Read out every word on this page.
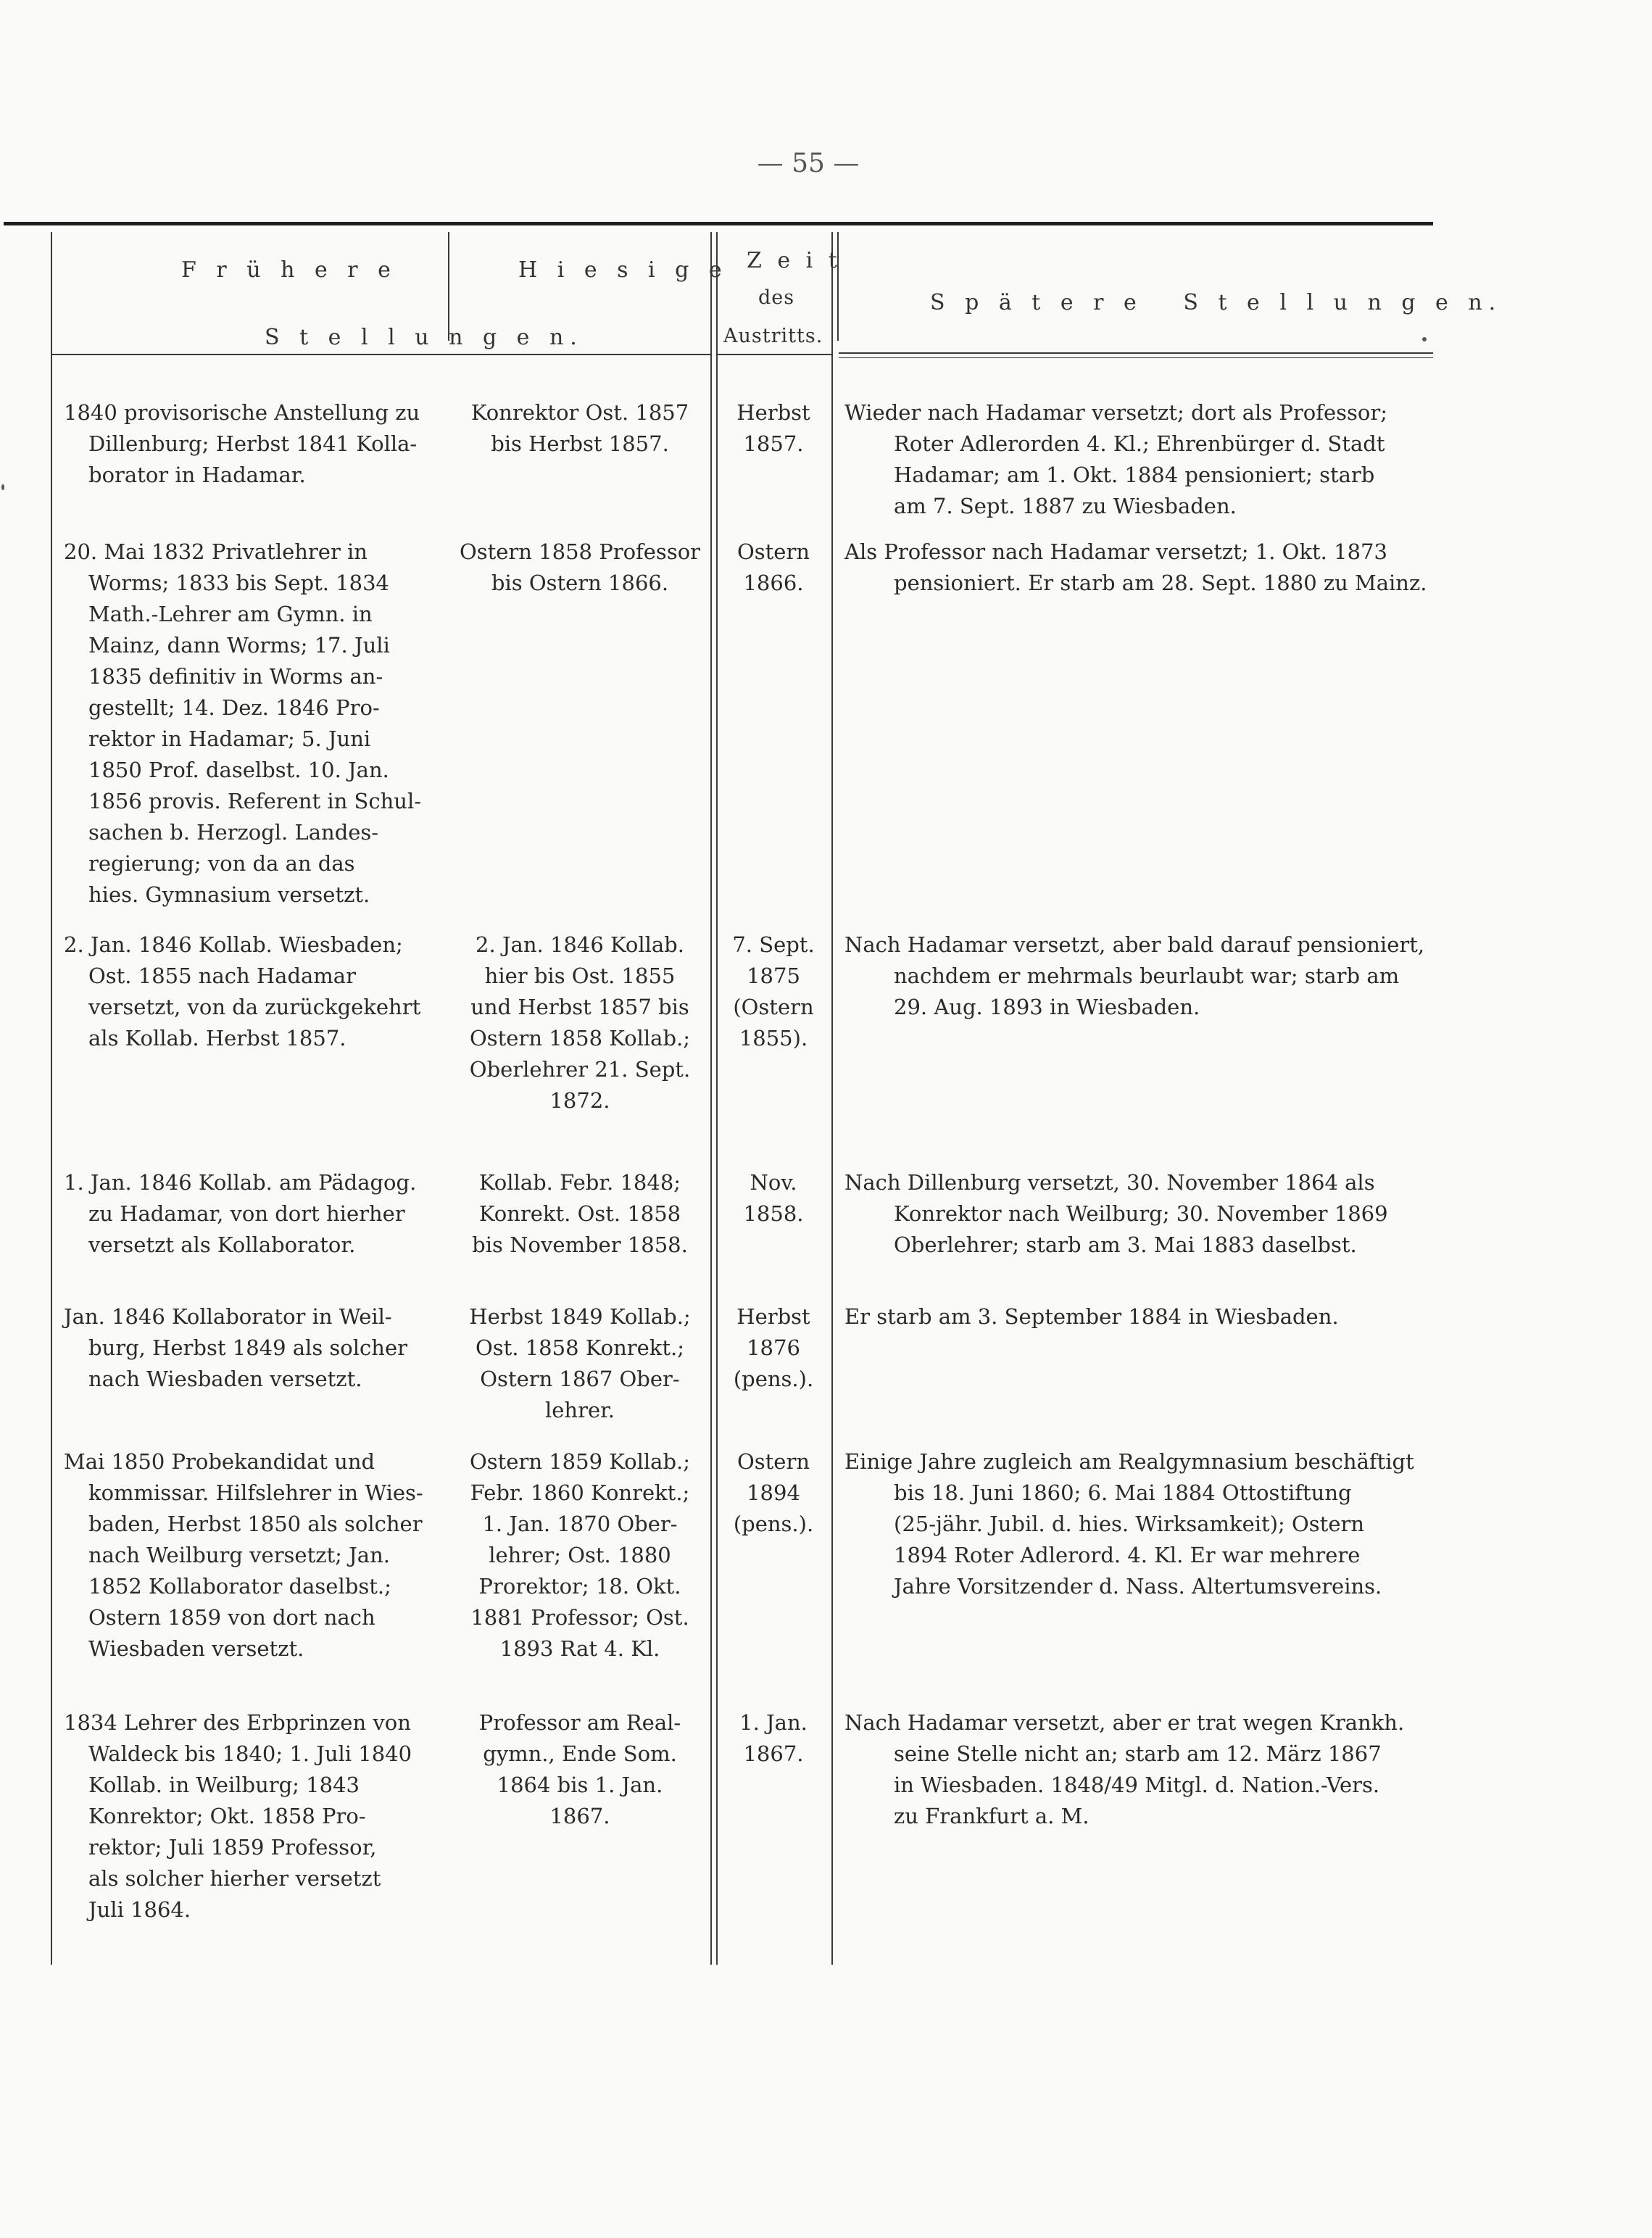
— 55 —
F r ü h e r e	H i e s i g e
S t e l l u n g e n.
Z e i t
des
Austritts.
S p ä t e r e   S t e l l u n g e n.
1840 provisorische Anstellung zu
Dillenburg; Herbst 1841 Kolla-
borator in Hadamar.
Konrektor Ost. 1857
bis Herbst 1857.
Herbst
1857.
Wieder nach Hadamar versetzt; dort als Professor;
Roter Adlerorden 4. Kl.; Ehrenbürger d. Stadt
Hadamar; am 1. Okt. 1884 pensioniert; starb
am 7. Sept. 1887 zu Wiesbaden.
20. Mai 1832 Privatlehrer in
Worms; 1833 bis Sept. 1834
Math.-Lehrer am Gymn. in
Mainz, dann Worms; 17. Juli
1835 definitiv in Worms an-
gestellt; 14. Dez. 1846 Pro-
rektor in Hadamar; 5. Juni
1850 Prof. daselbst. 10. Jan.
1856 provis. Referent in Schul-
sachen b. Herzogl. Landes-
regierung; von da an das
hies. Gymnasium versetzt.
Ostern 1858 Professor
bis Ostern 1866.
Ostern
1866.
Als Professor nach Hadamar versetzt; 1. Okt. 1873
pensioniert. Er starb am 28. Sept. 1880 zu Mainz.
2. Jan. 1846 Kollab. Wiesbaden;
Ost. 1855 nach Hadamar
versetzt, von da zurückgekehrt
als Kollab. Herbst 1857.
2. Jan. 1846 Kollab.
hier bis Ost. 1855
und Herbst 1857 bis
Ostern 1858 Kollab.;
Oberlehrer 21. Sept.
1872.
7. Sept.
1875
(Ostern
1855).
Nach Hadamar versetzt, aber bald darauf pensioniert,
nachdem er mehrmals beurlaubt war; starb am
29. Aug. 1893 in Wiesbaden.
1. Jan. 1846 Kollab. am Pädagog.
zu Hadamar, von dort hierher
versetzt als Kollaborator.
Kollab. Febr. 1848;
Konrekt. Ost. 1858
bis November 1858.
Nov.
1858.
Nach Dillenburg versetzt, 30. November 1864 als
Konrektor nach Weilburg; 30. November 1869
Oberlehrer; starb am 3. Mai 1883 daselbst.
Jan. 1846 Kollaborator in Weil-
burg, Herbst 1849 als solcher
nach Wiesbaden versetzt.
Herbst 1849 Kollab.;
Ost. 1858 Konrekt.;
Ostern 1867 Ober-
lehrer.
Herbst
1876
(pens.).
Er starb am 3. September 1884 in Wiesbaden.
Mai 1850 Probekandidat und
kommissar. Hilfslehrer in Wies-
baden, Herbst 1850 als solcher
nach Weilburg versetzt; Jan.
1852 Kollaborator daselbst.;
Ostern 1859 von dort nach
Wiesbaden versetzt.
Ostern 1859 Kollab.;
Febr. 1860 Konrekt.;
1. Jan. 1870 Ober-
lehrer; Ost. 1880
Prorektor; 18. Okt.
1881 Professor; Ost.
1893 Rat 4. Kl.
Ostern
1894
(pens.).
Einige Jahre zugleich am Realgymnasium beschäftigt
bis 18. Juni 1860; 6. Mai 1884 Ottostiftung
(25-jähr. Jubil. d. hies. Wirksamkeit); Ostern
1894 Roter Adlerord. 4. Kl. Er war mehrere
Jahre Vorsitzender d. Nass. Altertumsvereins.
1834 Lehrer des Erbprinzen von
Waldeck bis 1840; 1. Juli 1840
Kollab. in Weilburg; 1843
Konrektor; Okt. 1858 Pro-
rektor; Juli 1859 Professor,
als solcher hierher versetzt
Juli 1864.
Professor am Real-
gymn., Ende Som.
1864 bis 1. Jan.
1867.
1. Jan.
1867.
Nach Hadamar versetzt, aber er trat wegen Krankh.
seine Stelle nicht an; starb am 12. März 1867
in Wiesbaden. 1848/49 Mitgl. d. Nation.-Vers.
zu Frankfurt a. M.
